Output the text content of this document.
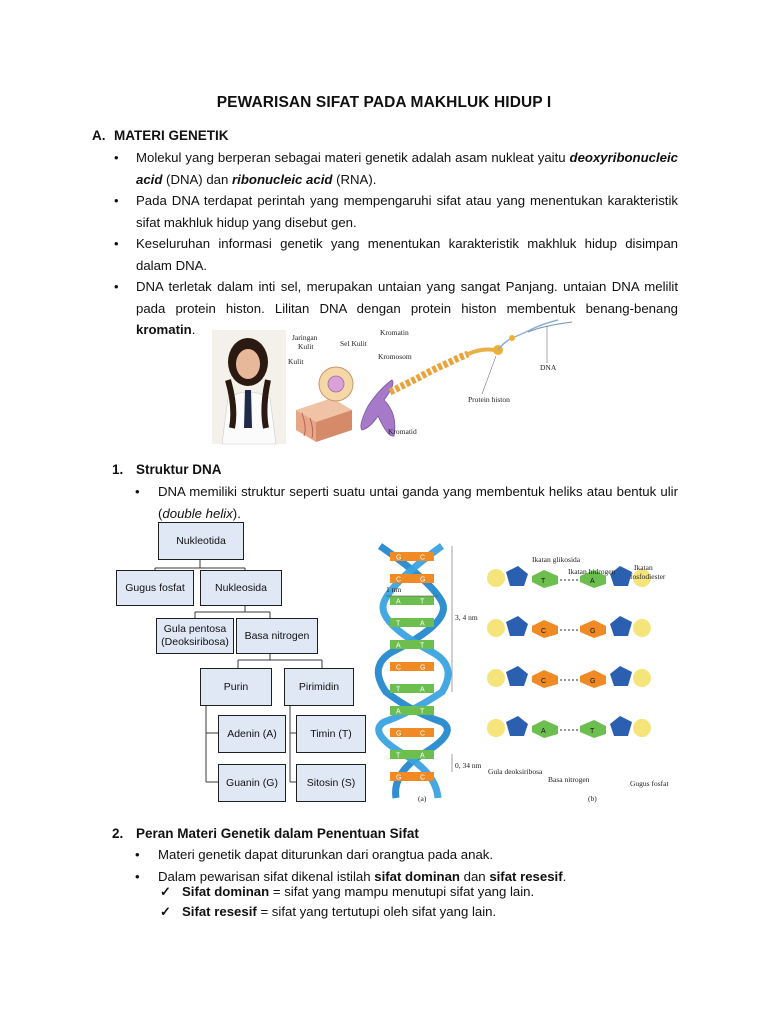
PEWARISAN SIFAT PADA MAKHLUK HIDUP I
A. MATERI GENETIK
• Molekul yang berperan sebagai materi genetik adalah asam nukleat yaitu deoxyribonucleic acid (DNA) dan ribonucleic acid (RNA).
• Pada DNA terdapat perintah yang mempengaruhi sifat atau yang menentukan karakteristik sifat makhluk hidup yang disebut gen.
• Keseluruhan informasi genetik yang menentukan karakteristik makhluk hidup disimpan dalam DNA.
• DNA terletak dalam inti sel, merupakan untaian yang sangat Panjang. untaian DNA melilit pada protein histon. Lilitan DNA dengan protein histon membentuk benang-benang kromatin.
Kulit
Jaringan
Kulit	Sel Kulit
Kromosom
Kromatin
Kromatid
Protein histon
DNA
1. Struktur DNA
• DNA memiliki struktur seperti suatu untai ganda yang membentuk heliks atau bentuk ulir (double helix).
Nukleotida
Gugus fosfat	Nukleosida
Gula pentosa
(Deoksiribosa)
Basa nitrogen
Purin	Pirimidin
Adenin (A)	Timin (T)
Guanin (G)	Sitosin (S)
G	C
C	G
A	T
T	A
A	T
C	G
T	A
A	T
G	C
T	A
G	C
1 nm
3, 4 nm
0, 34 nm
(a)
T	A
C	G
C	G
A	T
Ikatan glikosida
Ikatan hidrogen Ikatan
fosfodiester
Gula deoksiribosa
Basa nitrogen	Gugus fosfat
(b)
2. Peran Materi Genetik dalam Penentuan Sifat
• Materi genetik dapat diturunkan dari orangtua pada anak.
• Dalam pewarisan sifat dikenal istilah sifat dominan dan sifat resesif.
✓ Sifat dominan = sifat yang mampu menutupi sifat yang lain.
✓ Sifat resesif = sifat yang tertutupi oleh sifat yang lain.
